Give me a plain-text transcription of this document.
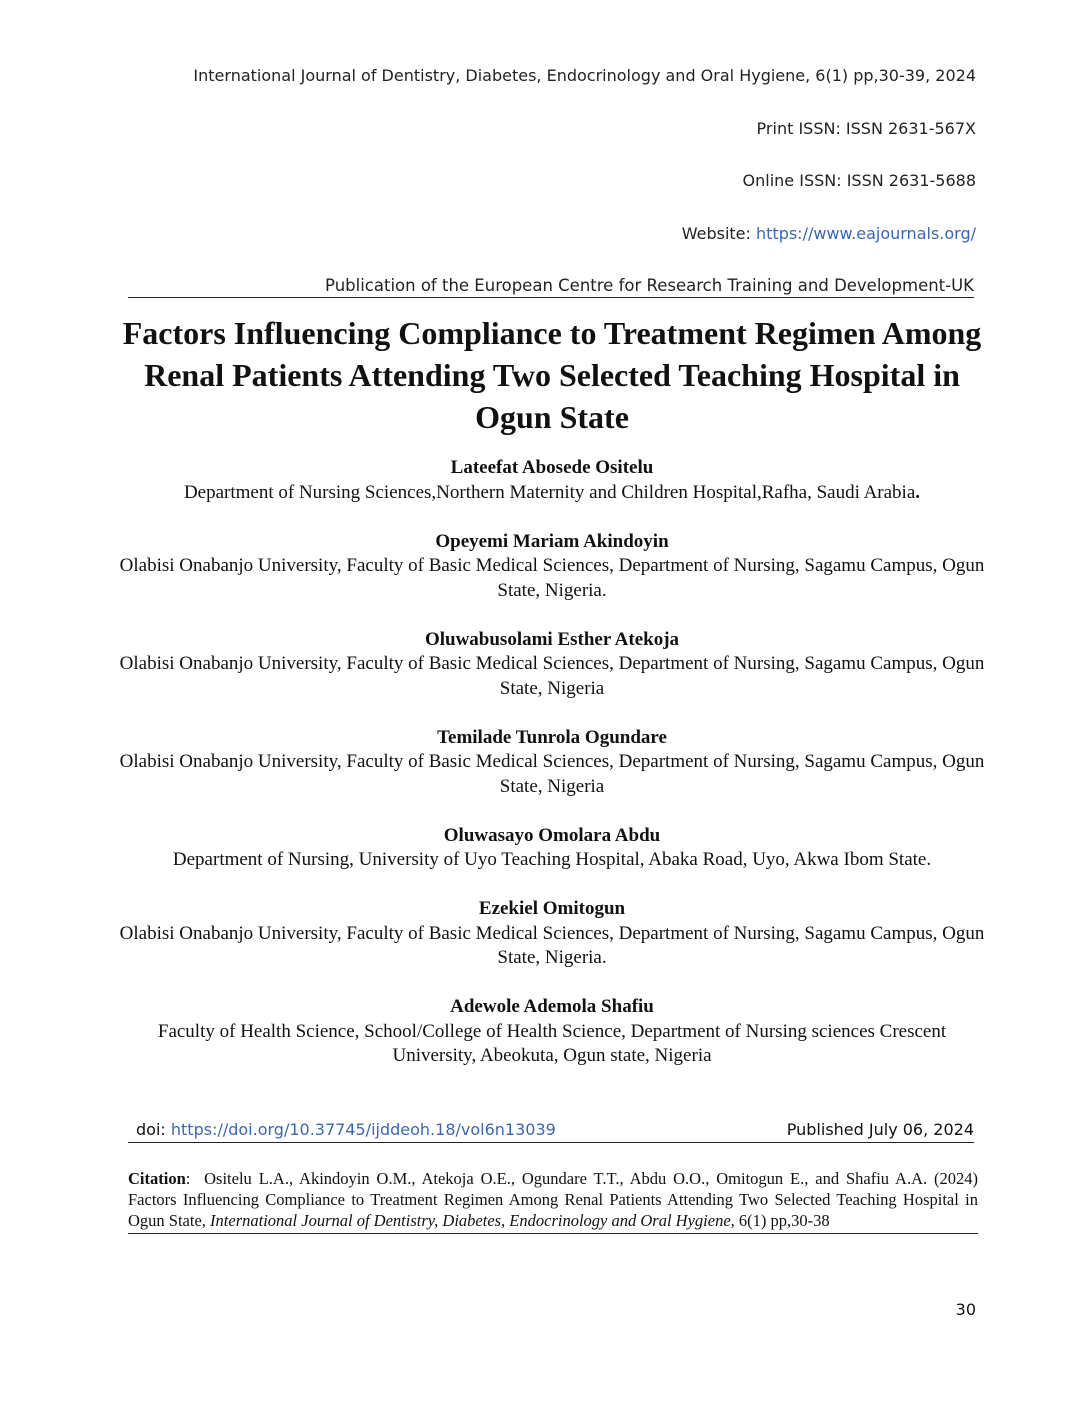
International Journal of Dentistry, Diabetes, Endocrinology and Oral Hygiene, 6(1) pp,30-39, 2024
Print ISSN: ISSN 2631-567X
Online ISSN: ISSN 2631-5688
Website: https://www.eajournals.org/
Publication of the European Centre for Research Training and Development-UK
Factors Influencing Compliance to Treatment Regimen Among Renal Patients Attending Two Selected Teaching Hospital in Ogun State
Lateefat Abosede Ositelu
Department of Nursing Sciences,Northern Maternity and Children Hospital,Rafha, Saudi Arabia.
Opeyemi Mariam Akindoyin
Olabisi Onabanjo University, Faculty of Basic Medical Sciences, Department of Nursing, Sagamu Campus, Ogun State, Nigeria.
Oluwabusolami Esther Atekoja
Olabisi Onabanjo University, Faculty of Basic Medical Sciences, Department of Nursing, Sagamu Campus, Ogun State, Nigeria
Temilade Tunrola Ogundare
Olabisi Onabanjo University, Faculty of Basic Medical Sciences, Department of Nursing, Sagamu Campus, Ogun State, Nigeria
Oluwasayo Omolara Abdu
Department of Nursing, University of Uyo Teaching Hospital, Abaka Road, Uyo, Akwa Ibom State.
Ezekiel Omitogun
Olabisi Onabanjo University, Faculty of Basic Medical Sciences, Department of Nursing, Sagamu Campus, Ogun State, Nigeria.
Adewole Ademola Shafiu
Faculty of Health Science, School/College of Health Science, Department of Nursing sciences Crescent University, Abeokuta, Ogun state, Nigeria
doi: https://doi.org/10.37745/ijddeoh.18/vol6n13039	Published July 06, 2024
Citation: Ositelu L.A., Akindoyin O.M., Atekoja O.E., Ogundare T.T., Abdu O.O., Omitogun E., and Shafiu A.A. (2024) Factors Influencing Compliance to Treatment Regimen Among Renal Patients Attending Two Selected Teaching Hospital in Ogun State, International Journal of Dentistry, Diabetes, Endocrinology and Oral Hygiene, 6(1) pp,30-38
30
